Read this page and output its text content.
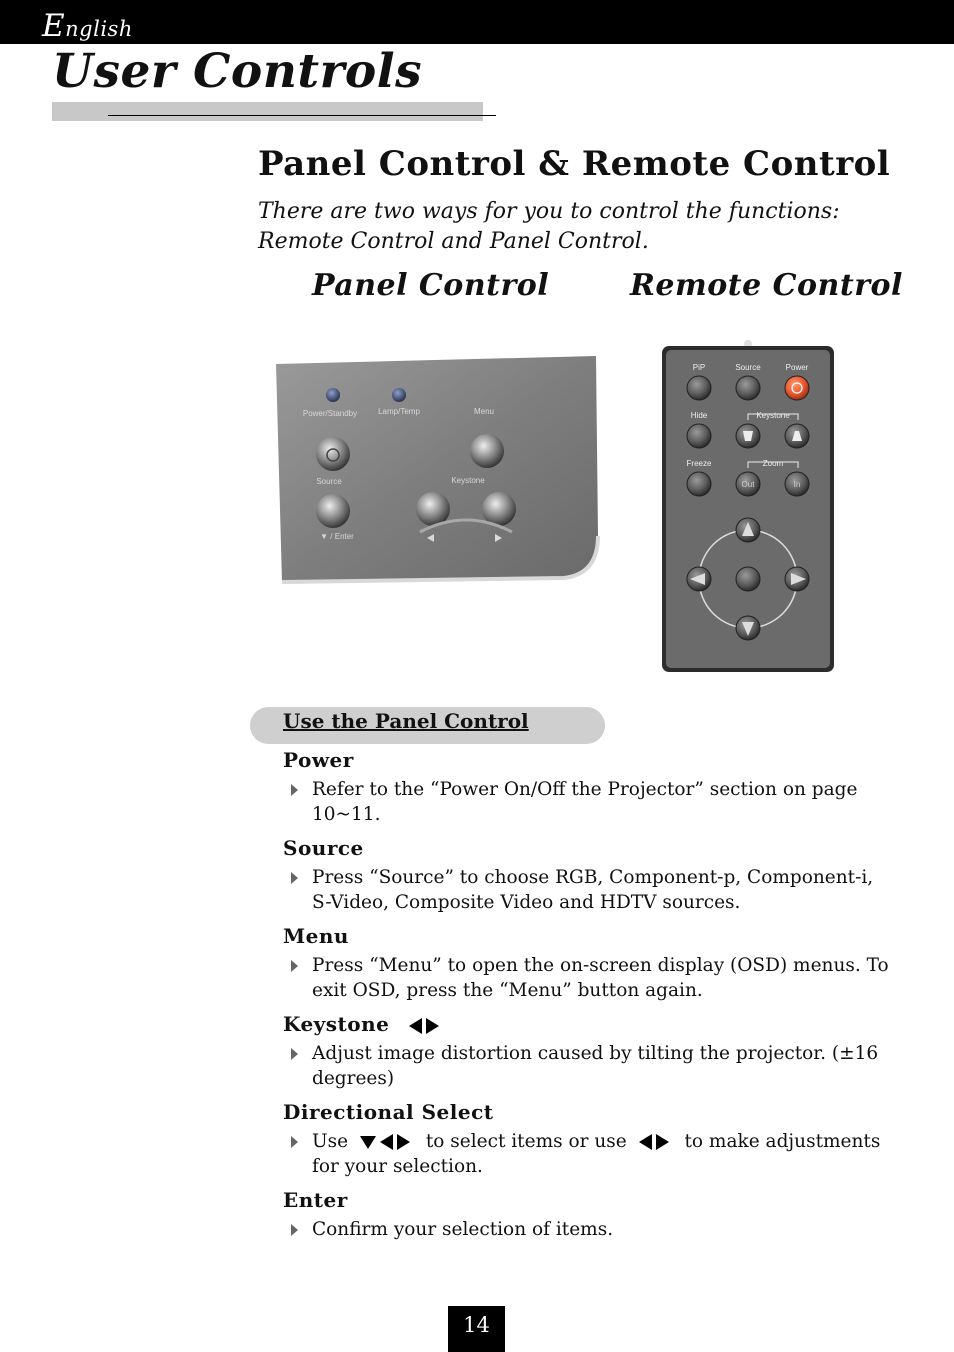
English
User Controls
Panel Control & Remote Control
There are two ways for you to control the functions: Remote Control and Panel Control.
Panel Control	Remote Control
Power/Standby	Lamp/Temp	Menu
Source	Keystone
▼ / Enter
PiP	Source	Power
Hide	Keystone
Freeze	Zoom
Out	In
Use the Panel Control
Power
Refer to the “Power On/Off the Projector” section on page 10~11.
Source
Press “Source” to choose RGB, Component-p, Component-i, S-Video, Composite Video and HDTV sources.
Menu
Press “Menu” to open the on-screen display (OSD) menus. To exit OSD, press the “Menu” button again.
Keystone
Adjust image distortion caused by tilting the projector. (±16 degrees)
Directional Select
Use	to select items or use	to make adjustments for your selection.
Enter
Confirm your selection of items.
14
